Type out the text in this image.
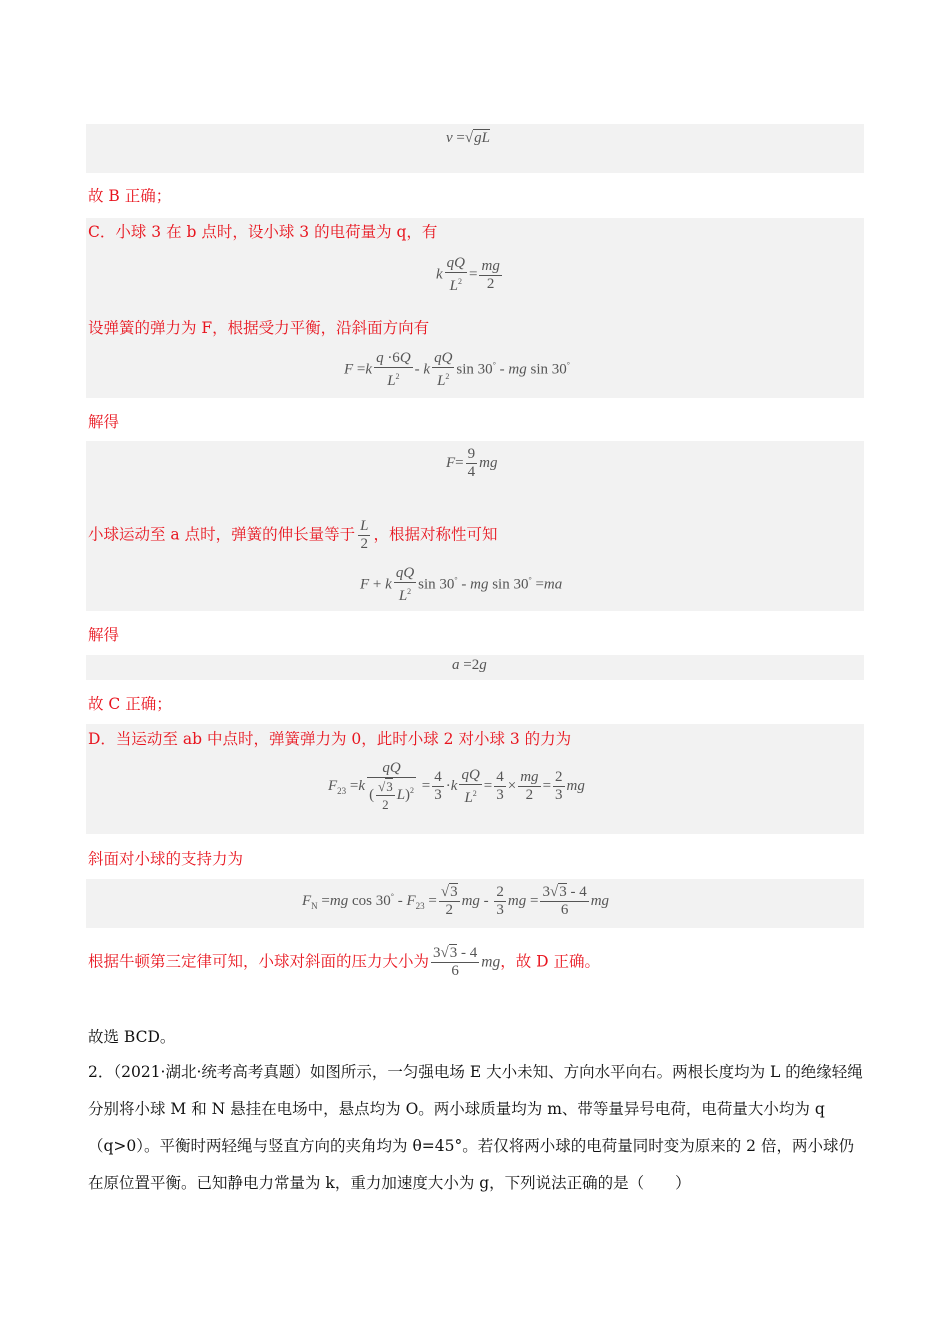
v =√gL
故 B 正确；
C．小球 3 在 b 点时，设小球 3 的电荷量为 q，有
k $\frac{qQ}{L^2} = \frac{mg}{2}$
设弹簧的弹力为 F，根据受力平衡，沿斜面方向有
$F =k \frac{q \cdot 6Q}{L^2} - k \frac{qQ}{L^2}$ sin 30° - mg sin 30°
解得
$F= \frac{9}{4}$ mg
小球运动至 a 点时，弹簧的伸长量等于 $\frac{L}{2}$ ，根据对称性可知
F + k $\frac{qQ}{L^2}$ sin 30° - mg sin 30° =ma
解得
a =2g
故 C 正确；
D．当运动至 ab 中点时，弹簧弹力为 0，此时小球 2 对小球 3 的力为
$F_{23} =k \frac{qQ}{( \frac{√3}{2} L)^2} = \frac{4}{3} \cdot k \frac{qQ}{L^2} = \frac{4}{3} \times \frac{mg}{2} = \frac{2}{3}$ mg
斜面对小球的支持力为
$F_N =mg$ $\cos 30^\circ - F_{23} = \frac{√3}{2}$ mg - $\frac{2}{3}$ mg = $\frac{3√3 - 4}{6}$ mg
根据牛顿第三定律可知，小球对斜面的压力大小为 $\frac{3√3 - 4}{6}$ mg，故 D 正确。
故选 BCD。
2．（2021·湖北·统考高考真题）如图所示，一匀强电场 E 大小未知、方向水平向右。两根长度均为 L 的绝缘轻绳分别将小球 M 和 N 悬挂在电场中，悬点均为 O。两小球质量均为 m、带等量异号电荷，电荷量大小均为 q（q>0）。平衡时两轻绳与竖直方向的夹角均为 θ=45°。若仅将两小球的电荷量同时变为原来的 2 倍，两小球仍在原位置平衡。已知静电力常量为 k，重力加速度大小为 g，下列说法正确的是（　　）
